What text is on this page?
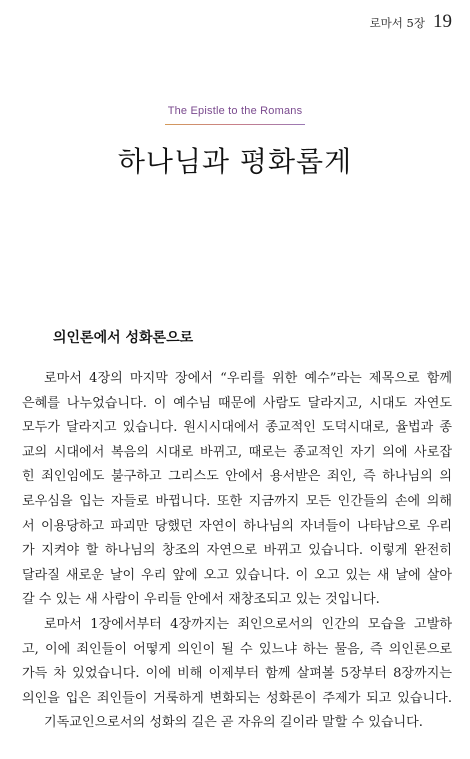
로마서 5장 19
The Epistle to the Romans
하나님과 평화롭게
의인론에서 성화론으로
로마서 4장의 마지막 장에서 “우리를 위한 예수”라는 제목으로 함께
은혜를 나누었습니다. 이 예수님 때문에 사람도 달라지고, 시대도 자연도
모두가 달라지고 있습니다. 원시시대에서 종교적인 도덕시대로, 율법과 종
교의 시대에서 복음의 시대로 바뀌고, 때로는 종교적인 자기 의에 사로잡
힌 죄인임에도 불구하고 그리스도 안에서 용서받은 죄인, 즉 하나님의 의
로우심을 입는 자들로 바뀝니다. 또한 지금까지 모든 인간들의 손에 의해
서 이용당하고 파괴만 당했던 자연이 하나님의 자녀들이 나타남으로 우리
가 지켜야 할 하나님의 창조의 자연으로 바뀌고 있습니다. 이렇게 완전히
달라질 새로운 날이 우리 앞에 오고 있습니다. 이 오고 있는 새 날에 살아
갈 수 있는 새 사람이 우리들 안에서 재창조되고 있는 것입니다.
로마서 1장에서부터 4장까지는 죄인으로서의 인간의 모습을 고발하
고, 이에 죄인들이 어떻게 의인이 될 수 있느냐 하는 물음, 즉 의인론으로
가득 차 있었습니다. 이에 비해 이제부터 함께 살펴볼 5장부터 8장까지는
의인을 입은 죄인들이 거룩하게 변화되는 성화론이 주제가 되고 있습니다.
기독교인으로서의 성화의 길은 곧 자유의 길이라 말할 수 있습니다.
